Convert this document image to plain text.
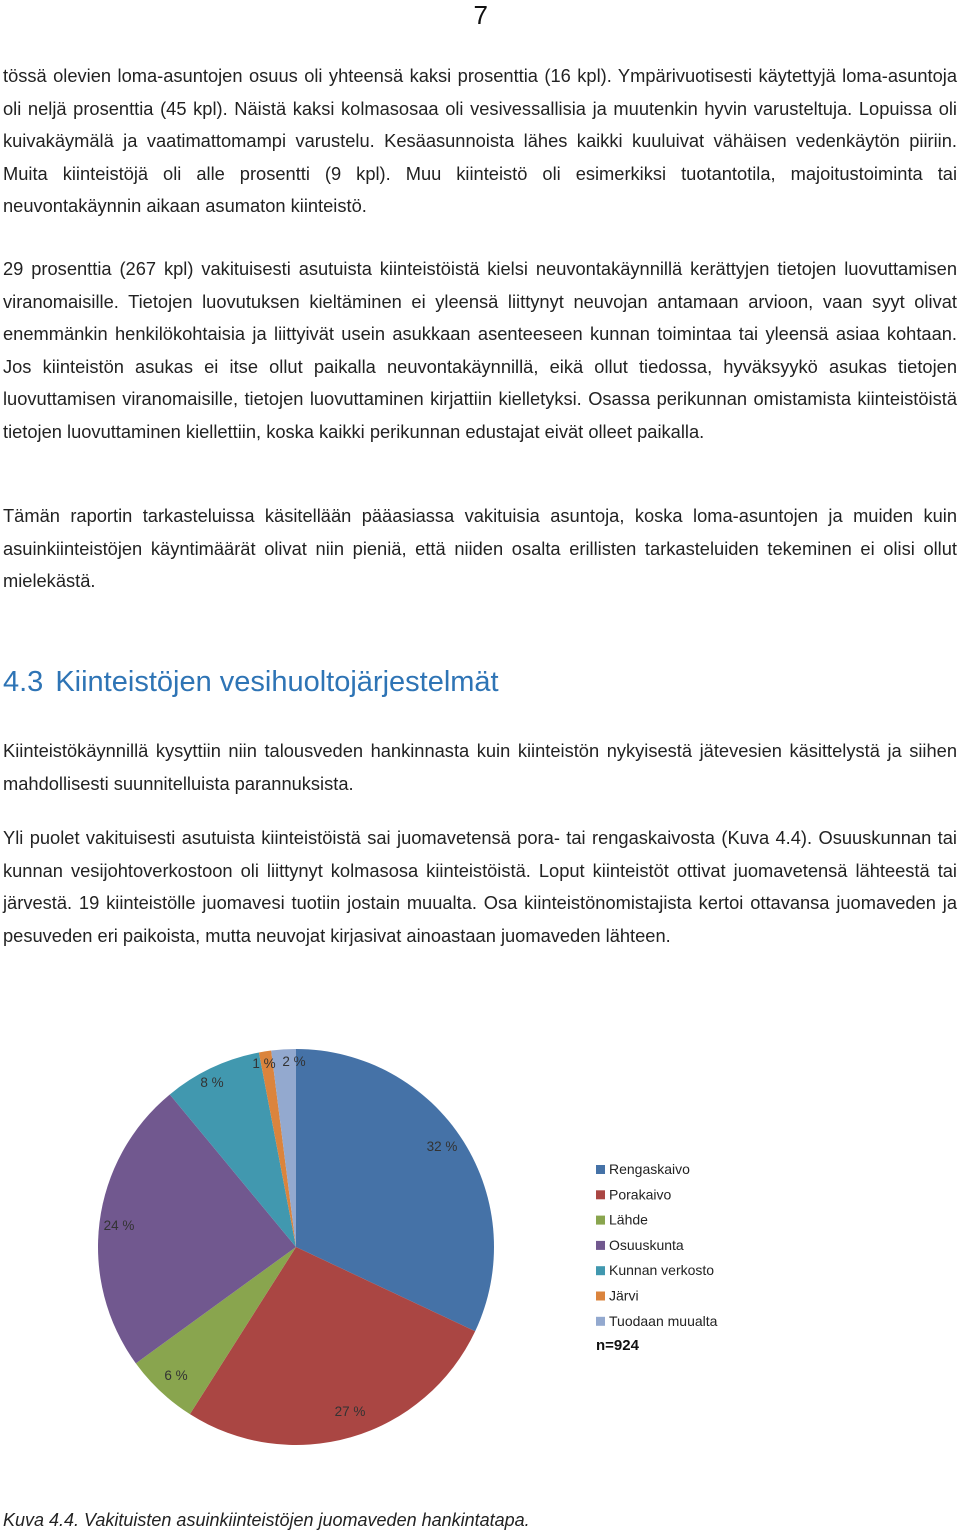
7

tössä olevien loma-asuntojen osuus oli yhteensä kaksi prosenttia (16 kpl). Ympärivuotisesti käytettyjä loma-asuntoja oli neljä prosenttia (45 kpl). Näistä kaksi kolmasosaa oli vesivessallisia ja muutenkin hyvin varusteltuja. Lopuissa oli kuivakäymälä ja vaatimattomampi varustelu. Kesäasunnoista lähes kaikki kuuluivat vähäisen vedenkäytön piiriin. Muita kiinteistöjä oli alle prosentti (9 kpl). Muu kiinteistö oli esimerkiksi tuotantotila, majoitustoiminta tai neuvontakäynnin aikaan asumaton kiinteistö.

29 prosenttia (267 kpl) vakituisesti asutuista kiinteistöistä kielsi neuvontakäynnillä kerättyjen tietojen luovuttamisen viranomaisille. Tietojen luovutuksen kieltäminen ei yleensä liittynyt neuvojan antamaan arvioon, vaan syyt olivat enemmänkin henkilökohtaisia ja liittyivät usein asukkaan asenteeseen kunnan toimintaa tai yleensä asiaa kohtaan. Jos kiinteistön asukas ei itse ollut paikalla neuvontakäynnillä, eikä ollut tiedossa, hyväksyykö asukas tietojen luovuttamisen viranomaisille, tietojen luovuttaminen kirjattiin kielletyksi. Osassa perikunnan omistamista kiinteistöistä tietojen luovuttaminen kiellettiin, koska kaikki perikunnan edustajat eivät olleet paikalla.

Tämän raportin tarkasteluissa käsitellään pääasiassa vakituisia asuntoja, koska loma-asuntojen ja muiden kuin asuinkiinteistöjen käyntimäärät olivat niin pieniä, että niiden osalta erillisten tarkasteluiden tekeminen ei olisi ollut mielekästä.

4.3 Kiinteistöjen vesihuoltojärjestelmät

Kiinteistökäynnillä kysyttiin niin talousveden hankinnasta kuin kiinteistön nykyisestä jätevesien käsittelystä ja siihen mahdollisesti suunnitelluista parannuksista.

Yli puolet vakituisesti asutuista kiinteistöistä sai juomavetensä pora- tai rengaskaivosta (Kuva 4.4). Osuuskunnan tai kunnan vesijohtoverkostoon oli liittynyt kolmasosa kiinteistöistä. Loput kiinteistöt ottivat juomavetensä lähteestä tai järvestä. 19 kiinteistölle juomavesi tuotiin jostain muualta. Osa kiinteistönomistajista kertoi ottavansa juomaveden ja pesuveden eri paikoista, mutta neuvojat kirjasivat ainoastaan juomaveden lähteen.

32 %
27 %
6 %
24 %
8 %
1 % 2 %
Rengaskaivo
Porakaivo
Lähde
Osuuskunta
Kunnan verkosto
Järvi
Tuodaan muualta
n=924
Kuva 4.4. Vakituisten asuinkiinteistöjen juomaveden hankintatapa.
